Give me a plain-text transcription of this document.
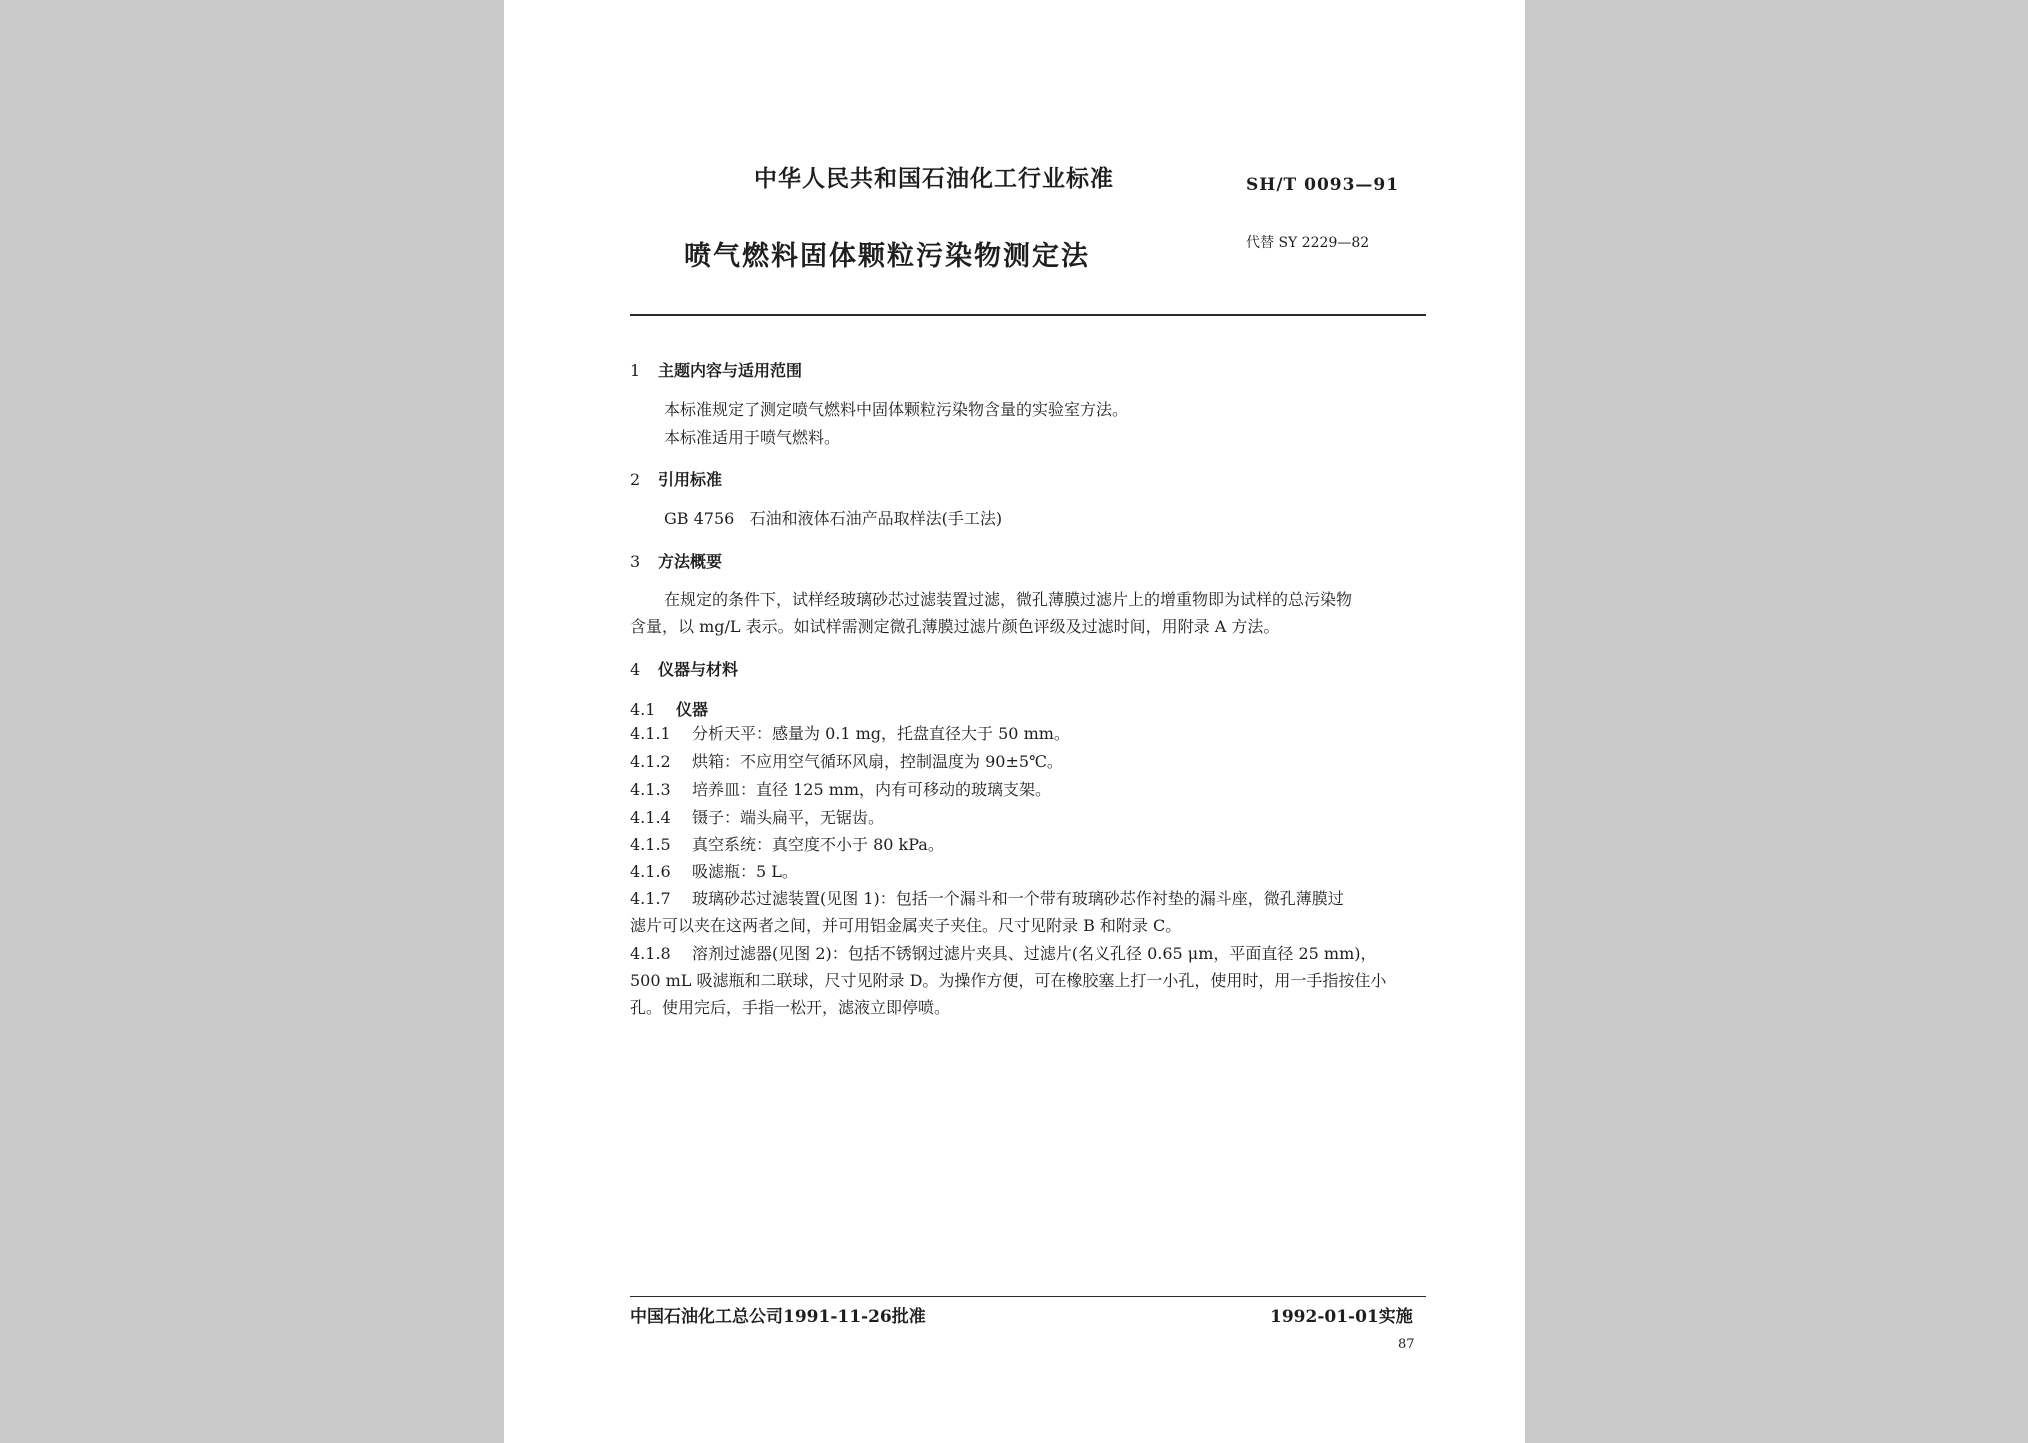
中华人民共和国石油化工行业标准	SH/T 0093—91
喷气燃料固体颗粒污染物测定法	代替 SY 2229—82
1 主题内容与适用范围
本标准规定了测定喷气燃料中固体颗粒污染物含量的实验室方法。
本标准适用于喷气燃料。
2 引用标准
GB 4756 石油和液体石油产品取样法(手工法)
3 方法概要
在规定的条件下，试样经玻璃砂芯过滤装置过滤，微孔薄膜过滤片上的增重物即为试样的总污染物
含量，以 mg/L 表示。如试样需测定微孔薄膜过滤片颜色评级及过滤时间，用附录 A 方法。
4 仪器与材料
4.1 仪器
4.1.1 分析天平：感量为 0.1 mg，托盘直径大于 50 mm。
4.1.2 烘箱：不应用空气循环风扇，控制温度为 90±5℃。
4.1.3 培养皿：直径 125 mm，内有可移动的玻璃支架。
4.1.4 镊子：端头扁平，无锯齿。
4.1.5 真空系统：真空度不小于 80 kPa。
4.1.6 吸滤瓶：5 L。
4.1.7 玻璃砂芯过滤装置(见图 1)：包括一个漏斗和一个带有玻璃砂芯作衬垫的漏斗座，微孔薄膜过
滤片可以夹在这两者之间，并可用铝金属夹子夹住。尺寸见附录 B 和附录 C。
4.1.8 溶剂过滤器(见图 2)：包括不锈钢过滤片夹具、过滤片(名义孔径 0.65 μm，平面直径 25 mm)，
500 mL 吸滤瓶和二联球，尺寸见附录 D。为操作方便，可在橡胶塞上打一小孔，使用时，用一手指按住小
孔。使用完后，手指一松开，滤液立即停喷。
中国石油化工总公司1991-11-26批准	1992-01-01实施
87
